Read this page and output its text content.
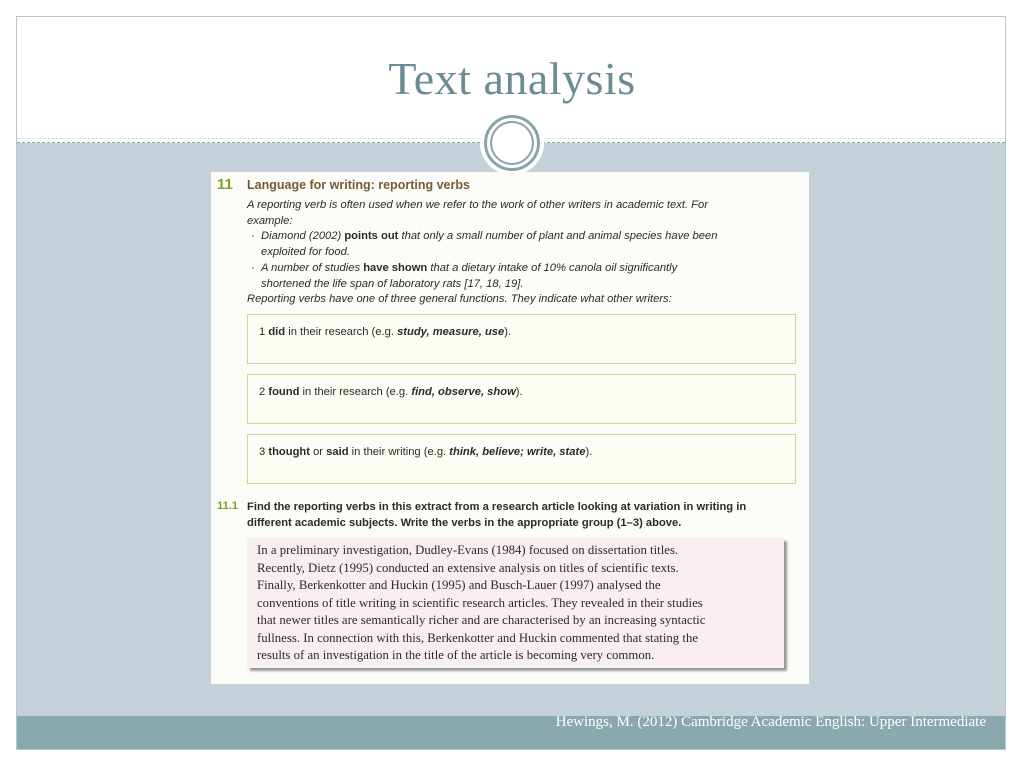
Text analysis
11 Language for writing: reporting verbs
A reporting verb is often used when we refer to the work of other writers in academic text. For
example:
· Diamond (2002) points out that only a small number of plant and animal species have been
exploited for food.
· A number of studies have shown that a dietary intake of 10% canola oil significantly
shortened the life span of laboratory rats [17, 18, 19].
Reporting verbs have one of three general functions. They indicate what other writers:
1 did in their research (e.g. study, measure, use).
2 found in their research (e.g. find, observe, show).
3 thought or said in their writing (e.g. think, believe; write, state).
11.1 Find the reporting verbs in this extract from a research article looking at variation in writing in
different academic subjects. Write the verbs in the appropriate group (1–3) above.
In a preliminary investigation, Dudley-Evans (1984) focused on dissertation titles.
Recently, Dietz (1995) conducted an extensive analysis on titles of scientific texts.
Finally, Berkenkotter and Huckin (1995) and Busch-Lauer (1997) analysed the
conventions of title writing in scientific research articles. They revealed in their studies
that newer titles are semantically richer and are characterised by an increasing syntactic
fullness. In connection with this, Berkenkotter and Huckin commented that stating the
results of an investigation in the title of the article is becoming very common.
Hewings, M. (2012) Cambridge Academic English: Upper Intermediate
